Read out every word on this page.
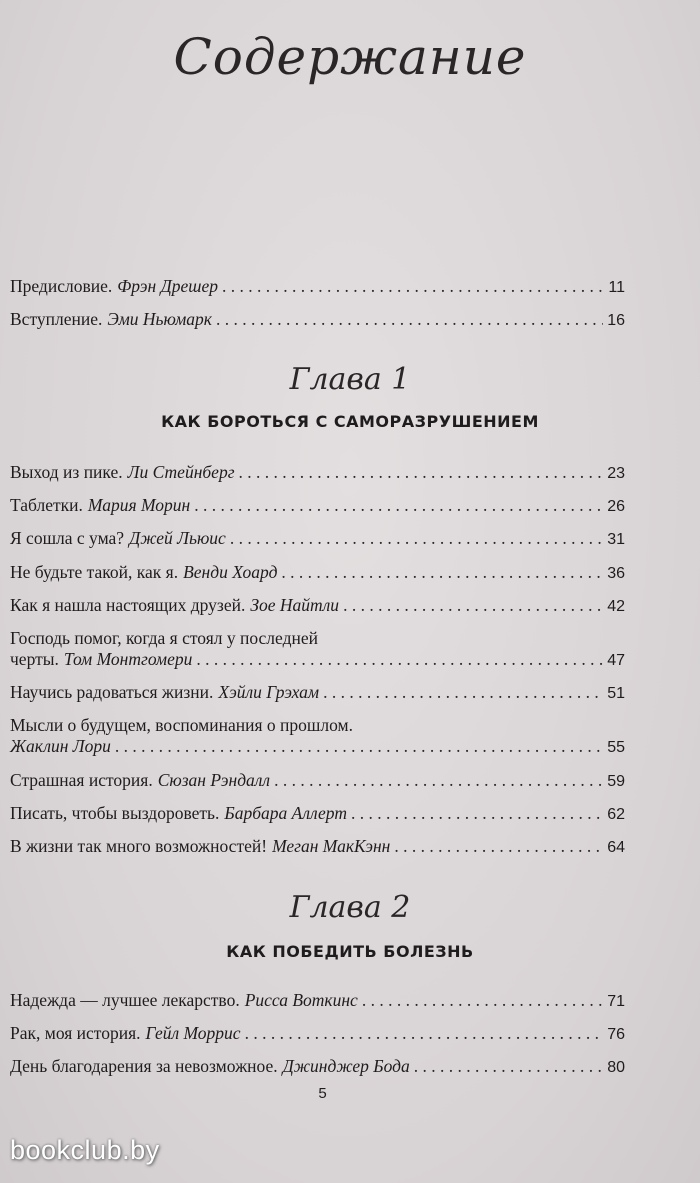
Содержание
Предисловие. Фрэн Дрешер . . .	11
Вступление. Эми Ньюмарк . . .	16
Глава 1
КАК БОРОТЬСЯ С САМОРАЗРУШЕНИЕМ
Выход из пике. Ли Стейнберг . . .	23
Таблетки. Мария Морин . . .	26
Я сошла с ума? Джей Льюис . . .	31
Не будьте такой, как я. Венди Хоард . . .	36
Как я нашла настоящих друзей. Зое Найтли . . .	42
Господь помог, когда я стоял у последней
черты. Том Монтгомери . . .	47
Научись радоваться жизни. Хэйли Грэхам . . .	51
Мысли о будущем, воспоминания о прошлом.
Жаклин Лори . . .	55
Страшная история. Сюзан Рэндалл . . .	59
Писать, чтобы выздороветь. Барбара Аллерт . . .	62
В жизни так много возможностей! Меган МакКэнн . . .	64
Глава 2
КАК ПОБЕДИТЬ БОЛЕЗНЬ
Надежда — лучшее лекарство. Рисса Воткинс . . .	71
Рак, моя история. Гейл Моррис . . .	76
День благодарения за невозможное. Джинджер Бода . . .	80
5
bookclub.by
